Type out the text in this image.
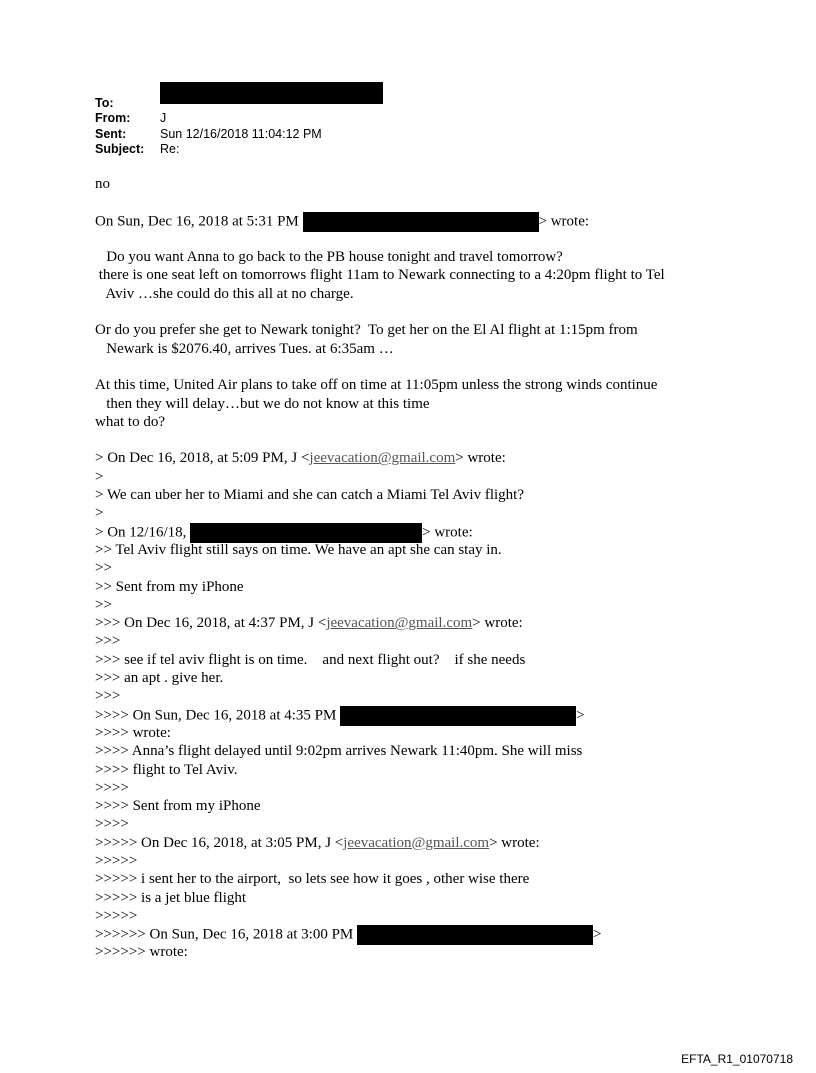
To:
From:	J
Sent:	Sun 12/16/2018 11:04:12 PM
Subject:	Re:
no
On Sun, Dec 16, 2018 at 5:31 PM	> wrote:
Do you want Anna to go back to the PB house tonight and travel tomorrow?
there is one seat left on tomorrows flight 11am to Newark connecting to a 4:20pm flight to Tel
Aviv …she could do this all at no charge.
Or do you prefer she get to Newark tonight?  To get her on the El Al flight at 1:15pm from
Newark is $2076.40, arrives Tues. at 6:35am …
At this time, United Air plans to take off on time at 11:05pm unless the strong winds continue
then they will delay…but we do not know at this time
what to do?
> On Dec 16, 2018, at 5:09 PM, J <jeevacation@gmail.com> wrote:
>
> We can uber her to Miami and she can catch a Miami Tel Aviv flight?
>
> On 12/16/18,	> wrote:
>> Tel Aviv flight still says on time. We have an apt she can stay in.
>>
>> Sent from my iPhone
>>
>>> On Dec 16, 2018, at 4:37 PM, J <jeevacation@gmail.com> wrote:
>>>
>>> see if tel aviv flight is on time.    and next flight out?    if she needs
>>> an apt . give her.
>>>
>>>> On Sun, Dec 16, 2018 at 4:35 PM	>
>>>> wrote:
>>>> Anna’s flight delayed until 9:02pm arrives Newark 11:40pm. She will miss
>>>> flight to Tel Aviv.
>>>>
>>>> Sent from my iPhone
>>>>
>>>>> On Dec 16, 2018, at 3:05 PM, J <jeevacation@gmail.com> wrote:
>>>>>
>>>>> i sent her to the airport,  so lets see how it goes , other wise there
>>>>> is a jet blue flight
>>>>>
>>>>>> On Sun, Dec 16, 2018 at 3:00 PM	>
>>>>>> wrote:
EFTA_R1_01070718
